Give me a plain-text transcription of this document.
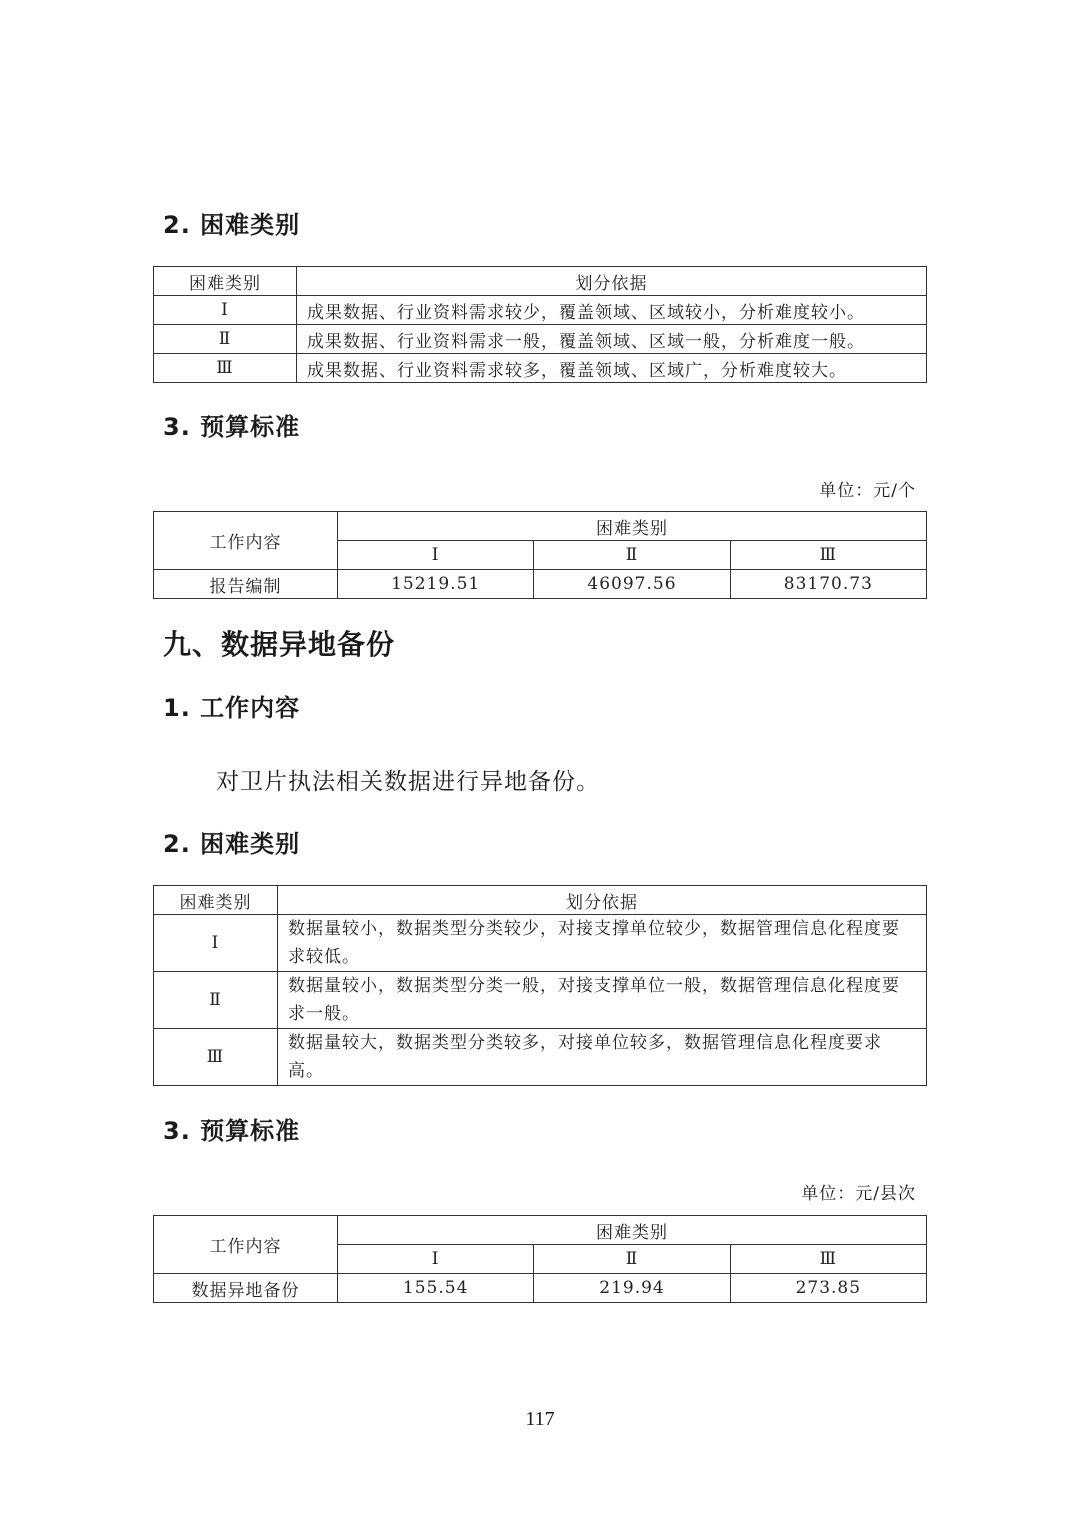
2. 困难类别
困难类别	划分依据
Ⅰ	成果数据、行业资料需求较少，覆盖领域、区域较小，分析难度较小。
Ⅱ	成果数据、行业资料需求一般，覆盖领域、区域一般，分析难度一般。
Ⅲ	成果数据、行业资料需求较多，覆盖领域、区域广，分析难度较大。
3. 预算标准
单位：元/个
工作内容	困难类别		
	Ⅰ	Ⅱ	Ⅲ
报告编制	15219.51	46097.56	83170.73
九、数据异地备份
1. 工作内容

对卫片执法相关数据进行异地备份。

2. 困难类别
困难类别	划分依据
Ⅰ	数据量较小，数据类型分类较少，对接支撑单位较少，数据管理信息化程度要求较低。
Ⅱ	数据量较小，数据类型分类一般，对接支撑单位一般，数据管理信息化程度要求一般。
Ⅲ	数据量较大，数据类型分类较多，对接单位较多，数据管理信息化程度要求高。
3. 预算标准
单位：元/县次
工作内容	困难类别		
	Ⅰ	Ⅱ	Ⅲ
数据异地备份	155.54	219.94	273.85
117
